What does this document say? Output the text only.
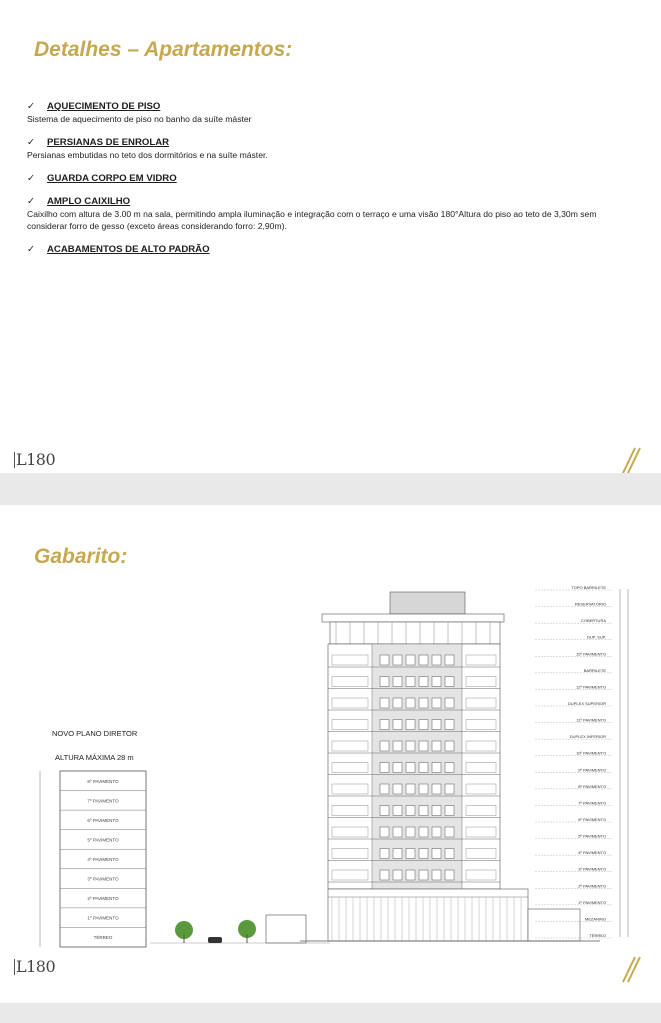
Detalhes – Apartamentos:
✓ AQUECIMENTO DE PISO
Sistema de aquecimento de piso no banho da suíte máster
✓ PERSIANAS DE ENROLAR
Persianas embutidas no teto dos dormitórios e na suíte máster.
✓ GUARDA CORPO EM VIDRO
✓ AMPLO CAIXILHO
Caixilho com altura de 3.00 m na sala, permitindo ampla iluminação e integração com o terraço e uma visão 180°Altura do piso ao teto de 3,30m sem considerar forro de gesso (exceto áreas considerando forro: 2,90m).
✓ ACABAMENTOS DE ALTO PADRÃO
L180
Gabarito:
NOVO PLANO DIRETOR
ALTURA MÁXIMA 28 m
8º PAVIMENTO
7º PAVIMENTO
6º PAVIMENTO
5º PAVIMENTO
4º PAVIMENTO
3º PAVIMENTO
2º PAVIMENTO
1º PAVIMENTO
TÉRREO
TOPO BARRILETE
RESERVATÓRIO
COBERTURA
DUP. SUP.
15º PAVIMENTO
BARRILETE
12º PAVIMENTO
DUPLEX SUPERIOR
11º PAVIMENTO
DUPLEX INFERIOR
10º PAVIMENTO
9º PAVIMENTO
8º PAVIMENTO
7º PAVIMENTO
6º PAVIMENTO
5º PAVIMENTO
4º PAVIMENTO
3º PAVIMENTO
2º PAVIMENTO
1º PAVIMENTO
MEZANINO
TÉRREO
L180
